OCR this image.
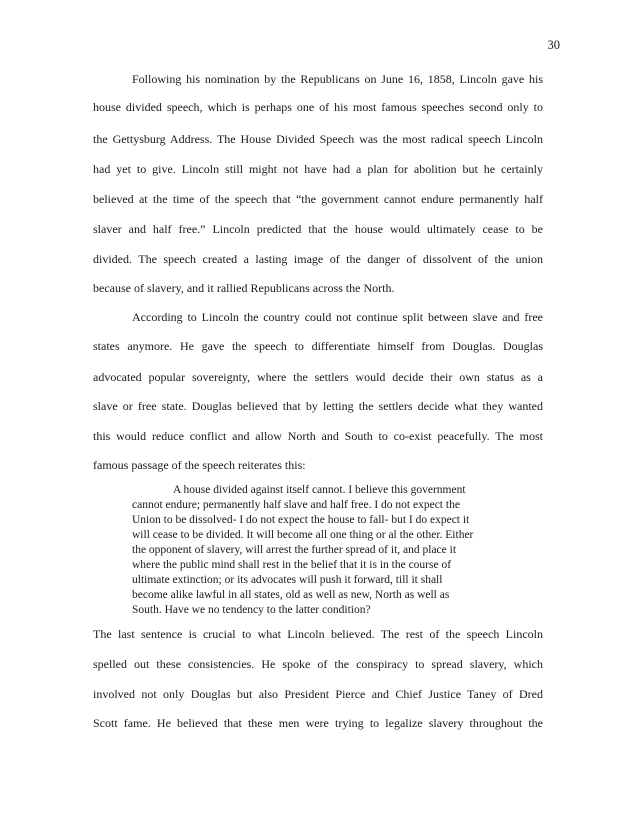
30
Following his nomination by the Republicans on June 16, 1858, Lincoln gave his
house divided speech, which is perhaps one of his most famous speeches second only to
the Gettysburg Address. The House Divided Speech was the most radical speech Lincoln
had yet to give. Lincoln still might not have had a plan for abolition but he certainly
believed at the time of the speech that “the government cannot endure permanently half
slaver and half free.” Lincoln predicted that the house would ultimately cease to be
divided. The speech created a lasting image of the danger of dissolvent of the union
because of slavery, and it rallied Republicans across the North.
According to Lincoln the country could not continue split between slave and free
states anymore. He gave the speech to differentiate himself from Douglas. Douglas
advocated popular sovereignty, where the settlers would decide their own status as a
slave or free state. Douglas believed that by letting the settlers decide what they wanted
this would reduce conflict and allow North and South to co-exist peacefully. The most
famous passage of the speech reiterates this:
A house divided against itself cannot. I believe this government
cannot endure; permanently half slave and half free. I do not expect the
Union to be dissolved- I do not expect the house to fall- but I do expect it
will cease to be divided. It will become all one thing or al the other. Either
the opponent of slavery, will arrest the further spread of it, and place it
where the public mind shall rest in the belief that it is in the course of
ultimate extinction; or its advocates will push it forward, till it shall
become alike lawful in all states, old as well as new, North as well as
South. Have we no tendency to the latter condition?
The last sentence is crucial to what Lincoln believed. The rest of the speech Lincoln
spelled out these consistencies. He spoke of the conspiracy to spread slavery, which
involved not only Douglas but also President Pierce and Chief Justice Taney of Dred
Scott fame. He believed that these men were trying to legalize slavery throughout the
